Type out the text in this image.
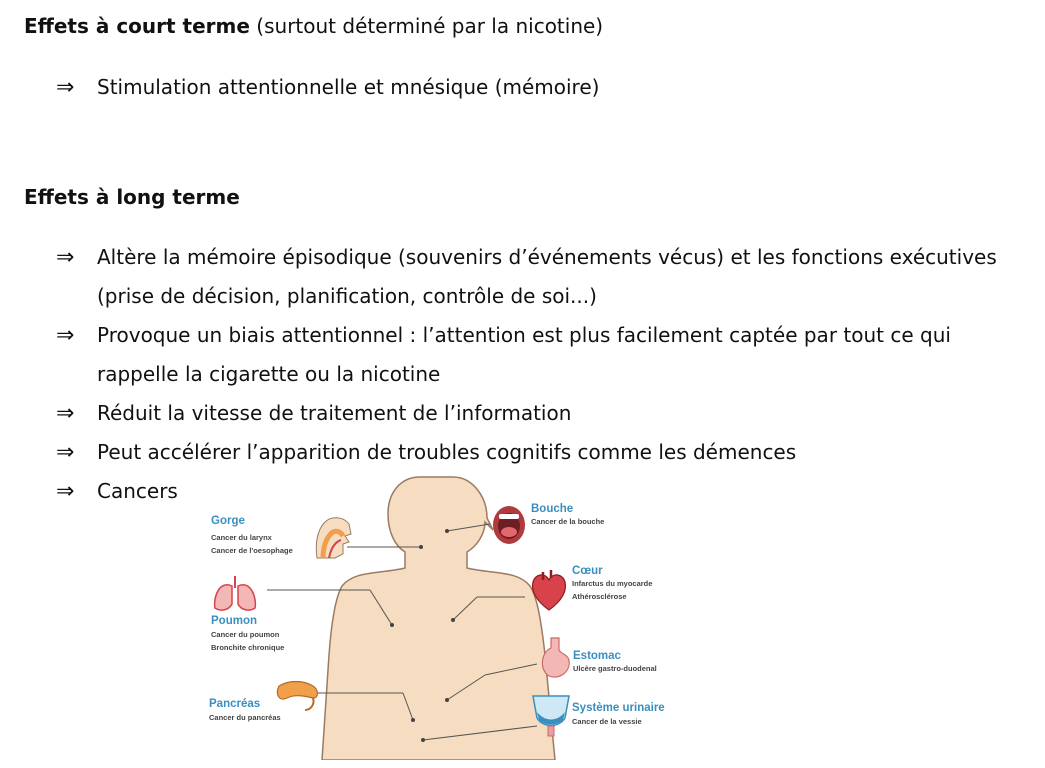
Effets à court terme (surtout déterminé par la nicotine)
⇒ Stimulation attentionnelle et mnésique (mémoire)
Effets à long terme
⇒ Altère la mémoire épisodique (souvenirs d’événements vécus) et les fonctions exécutives (prise de décision, planification, contrôle de soi...)
⇒ Provoque un biais attentionnel : l’attention est plus facilement captée par tout ce qui rappelle la cigarette ou la nicotine
⇒ Réduit la vitesse de traitement de l’information
⇒ Peut accélérer l’apparition de troubles cognitifs comme les démences
⇒ Cancers
Gorge
Cancer du larynx
Cancer de l'oesophage
Poumon
Cancer du poumon
Bronchite chronique
Pancréas
Cancer du pancréas
Bouche
Cancer de la bouche
Cœur
Infarctus du myocarde
Athérosclérose
Estomac
Ulcère gastro-duodenal
Système urinaire
Cancer de la vessie
